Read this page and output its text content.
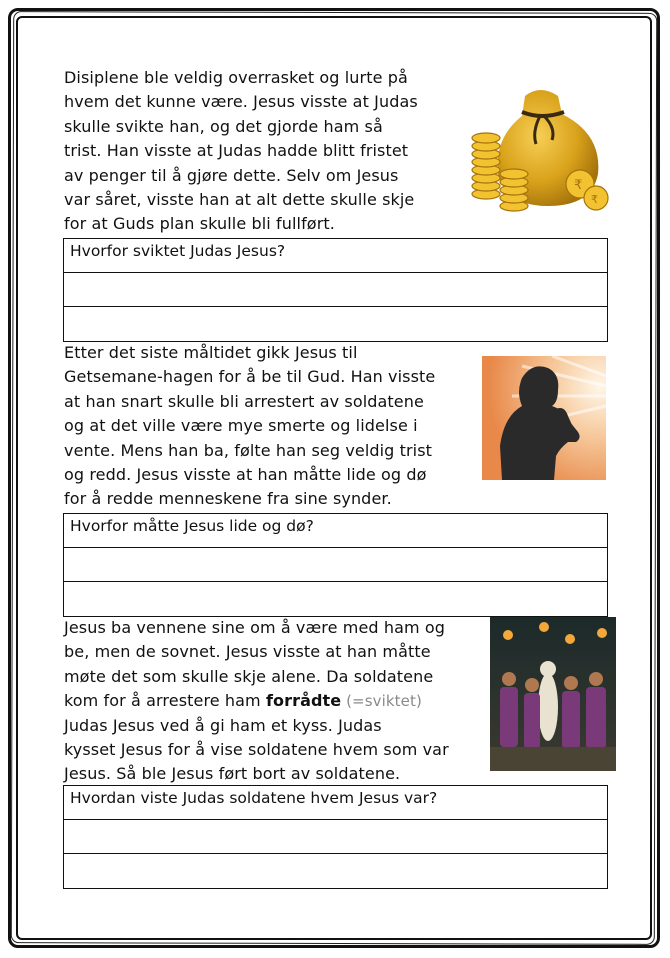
Disiplene ble veldig overrasket og lurte på

hvem det kunne være. Jesus visste at Judas

skulle svikte han, og det gjorde ham så

trist. Han visste at Judas hadde blitt fristet

av penger til å gjøre dette. Selv om Jesus

var såret, visste han at alt dette skulle skje

for at Guds plan skulle bli fullført.

₹
₹
Hvorfor sviktet Judas Jesus?

Etter det siste måltidet gikk Jesus til

Getsemane-hagen for å be til Gud. Han visste

at han snart skulle bli arrestert av soldatene

og at det ville være mye smerte og lidelse i

vente. Mens han ba, følte han seg veldig trist

og redd. Jesus visste at han måtte lide og dø

for å redde menneskene fra sine synder.

Hvorfor måtte Jesus lide og dø?

Jesus ba vennene sine om å være med ham og

be, men de sovnet. Jesus visste at han måtte

møte det som skulle skje alene. Da soldatene

kom for å arrestere ham forrådte (=sviktet)

Judas Jesus ved å gi ham et kyss. Judas

kysset Jesus for å vise soldatene hvem som var

Jesus. Så ble Jesus ført bort av soldatene.

Hvordan viste Judas soldatene hvem Jesus var?
